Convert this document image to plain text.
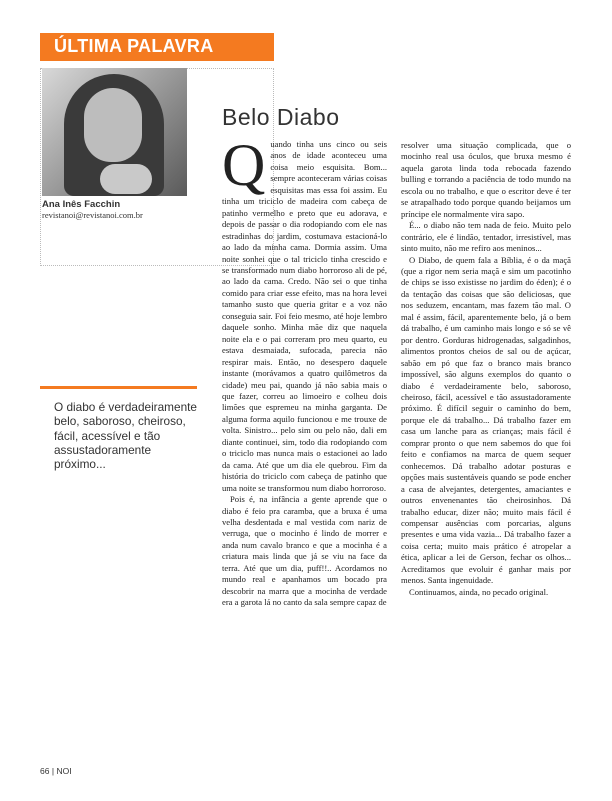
ÚLTIMA PALAVRA
Ana Inês Facchin
revistanoi@revistanoi.com.br
O diabo é verdadeiramente belo, saboroso, cheiroso, fácil, acessível e tão assustadoramente próximo...
Belo Diabo

Quando tinha uns cinco ou seis anos de idade aconteceu uma coisa meio esquisita. Bom... sempre aconteceram várias coisas esquisitas mas essa foi assim. Eu tinha um triciclo de madeira com cabeça de patinho vermelho e preto que eu adorava, e depois de passar o dia rodopiando com ele nas estradinhas do jardim, costumava estacioná-lo ao lado da minha cama. Dormia assim. Uma noite sonhei que o tal triciclo tinha crescido e se transformado num diabo horroroso ali de pé, ao lado da cama. Credo. Não sei o que tinha comido para criar esse efeito, mas na hora levei tamanho susto que queria gritar e a voz não conseguia sair. Foi feio mesmo, até hoje lembro daquele sonho. Minha mãe diz que naquela noite ela e o pai correram pro meu quarto, eu estava desmaiada, sufocada, parecia não respirar mais. Então, no desespero daquele instante (morávamos a quatro quilômetros da cidade) meu pai, quando já não sabia mais o que fazer, correu ao limoeiro e colheu dois limões que espremeu na minha garganta. De alguma forma aquilo funcionou e me trouxe de volta. Sinistro... pelo sim ou pelo não, dali em diante continuei, sim, todo dia rodopiando com o triciclo mas nunca mais o estacionei ao lado da cama. Até que um dia ele quebrou. Fim da história do triciclo com cabeça de patinho que uma noite se transformou num diabo horroroso.

Pois é, na infância a gente aprende que o diabo é feio pra caramba, que a bruxa é uma velha desdentada e mal vestida com nariz de verruga, que o mocinho é lindo de morrer e anda num cavalo branco e que a mocinha é a criatura mais linda que já se viu na face da terra. Até que um dia, puff!!.. Acordamos no mundo real e apanhamos um bocado pra descobrir na marra que a mocinha de verdade era a garota lá no canto da sala sempre capaz de

resolver uma situação complicada, que o mocinho real usa óculos, que bruxa mesmo é aquela garota linda toda rebocada fazendo bulling e torrando a paciência de todo mundo na escola ou no trabalho, e que o escritor deve é ter se atrapalhado todo porque quando beijamos um príncipe ele normalmente vira sapo.

É... o diabo não tem nada de feio. Muito pelo contrário, ele é lindão, tentador, irresistível, mas sinto muito, não me refiro aos meninos...

O Diabo, de quem fala a Bíblia, é o da maçã (que a rigor nem seria maçã e sim um pacotinho de chips se isso existisse no jardim do éden); é o da tentação das coisas que são deliciosas, que nos seduzem, encantam, mas fazem tão mal. O mal é assim, fácil, aparentemente belo, já o bem dá trabalho, é um caminho mais longo e só se vê por dentro. Gorduras hidrogenadas, salgadinhos, alimentos prontos cheios de sal ou de açúcar, sabão em pó que faz o branco mais branco impossível, são alguns exemplos do quanto o diabo é verdadeiramente belo, saboroso, cheiroso, fácil, acessível e tão assustadoramente próximo. É difícil seguir o caminho do bem, porque ele dá trabalho... Dá trabalho fazer em casa um lanche para as crianças; mais fácil é comprar pronto o que nem sabemos do que foi feito e confiamos na marca de quem sequer conhecemos. Dá trabalho adotar posturas e opções mais sustentáveis quando se pode encher a casa de alvejantes, detergentes, amaciantes e outros envenenantes tão cheirosinhos. Dá trabalho educar, dizer não; muito mais fácil é compensar ausências com porcarias, alguns presentes e uma vida vazia... Dá trabalho fazer a coisa certa; muito mais prático é atropelar a ética, aplicar a lei de Gerson, fechar os olhos... Acreditamos que evoluir é ganhar mais por menos. Santa ingenuidade.

Continuamos, ainda, no pecado original.

66 | NOI
